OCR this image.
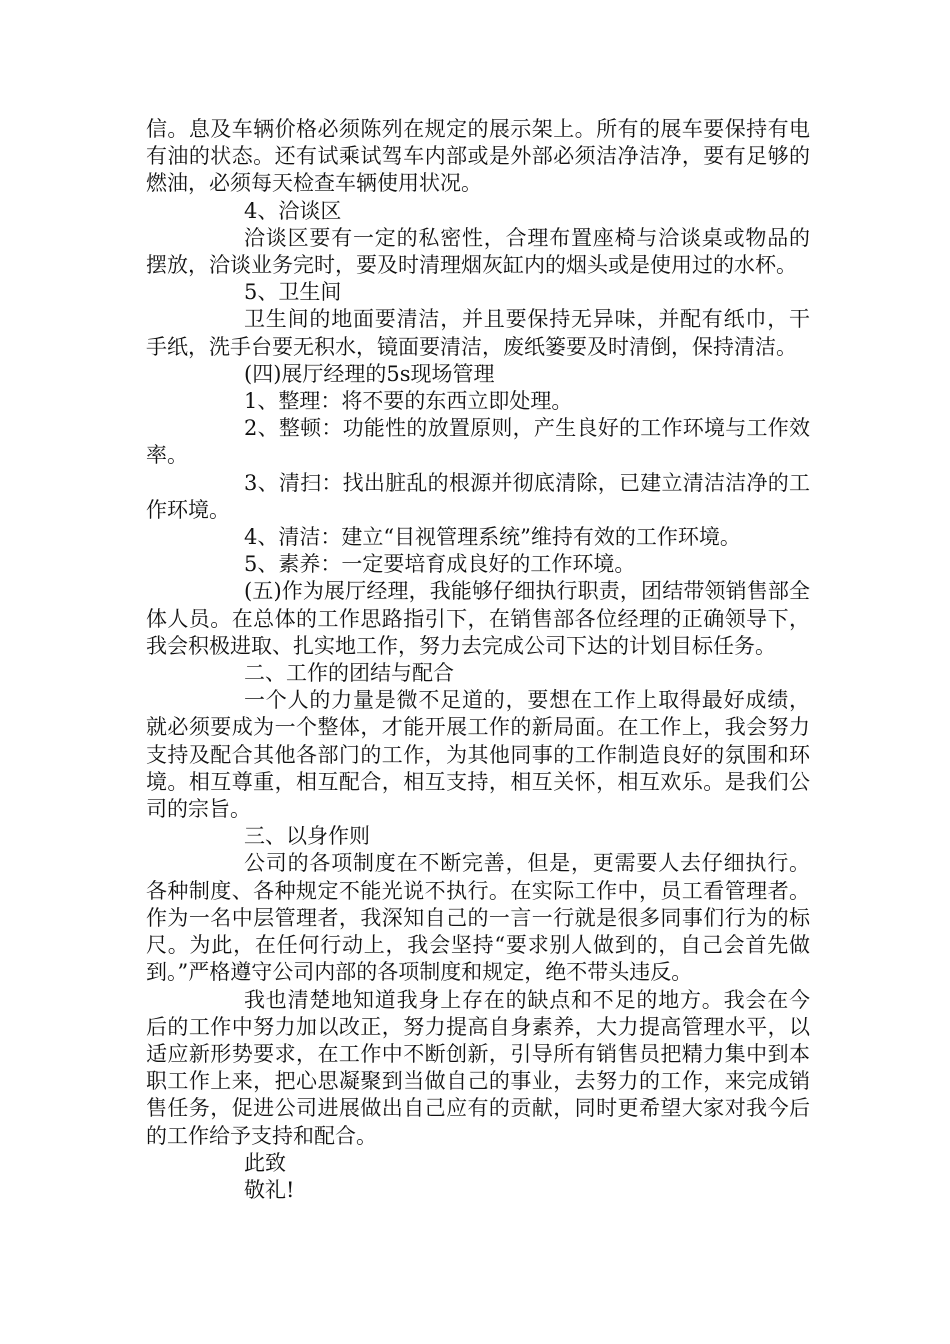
信。息及车辆价格必须陈列在规定的展示架上。所有的展车要保持有电有油的状态。还有试乘试驾车内部或是外部必须洁净洁净，要有足够的燃油，必须每天检查车辆使用状况。

4、洽谈区

洽谈区要有一定的私密性，合理布置座椅与洽谈桌或物品的摆放，洽谈业务完时，要及时清理烟灰缸内的烟头或是使用过的水杯。

5、卫生间

卫生间的地面要清洁，并且要保持无异味，并配有纸巾，干手纸，洗手台要无积水，镜面要清洁，废纸篓要及时清倒，保持清洁。

(四)展厅经理的5s现场管理

1、整理：将不要的东西立即处理。

2、整顿：功能性的放置原则，产生良好的工作环境与工作效率。

3、清扫：找出脏乱的根源并彻底清除，已建立清洁洁净的工作环境。

4、清洁：建立“目视管理系统”维持有效的工作环境。

5、素养：一定要培育成良好的工作环境。

(五)作为展厅经理，我能够仔细执行职责，团结带领销售部全体人员。在总体的工作思路指引下，在销售部各位经理的正确领导下，我会积极进取、扎实地工作，努力去完成公司下达的计划目标任务。

二、工作的团结与配合

一个人的力量是微不足道的，要想在工作上取得最好成绩，就必须要成为一个整体，才能开展工作的新局面。在工作上，我会努力支持及配合其他各部门的工作，为其他同事的工作制造良好的氛围和环境。相互尊重，相互配合，相互支持，相互关怀，相互欢乐。是我们公司的宗旨。

三、以身作则

公司的各项制度在不断完善，但是，更需要人去仔细执行。各种制度、各种规定不能光说不执行。在实际工作中，员工看管理者。作为一名中层管理者，我深知自己的一言一行就是很多同事们行为的标尺。为此，在任何行动上，我会坚持“要求别人做到的，自己会首先做到。”严格遵守公司内部的各项制度和规定，绝不带头违反。

我也清楚地知道我身上存在的缺点和不足的地方。我会在今后的工作中努力加以改正，努力提高自身素养，大力提高管理水平，以适应新形势要求，在工作中不断创新，引导所有销售员把精力集中到本职工作上来，把心思凝聚到当做自己的事业，去努力的工作，来完成销售任务，促进公司进展做出自己应有的贡献，同时更希望大家对我今后的工作给予支持和配合。

此致

敬礼!
